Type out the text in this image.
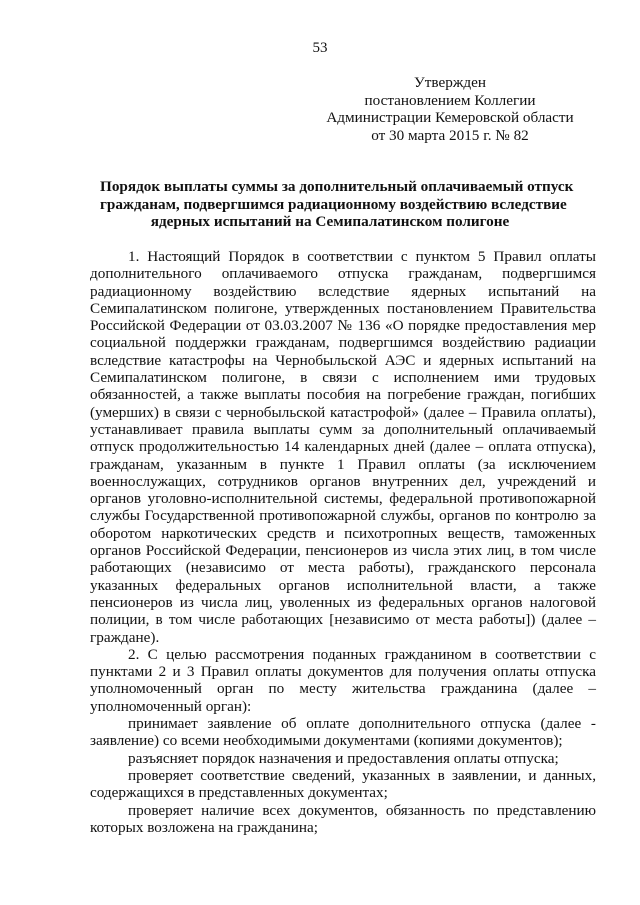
53
Утвержден
постановлением Коллегии
Администрации Кемеровской области
от 30 марта 2015 г. № 82
Порядок выплаты суммы за дополнительный оплачиваемый отпуск
гражданам, подвергшимся радиационному воздействию вследствие
ядерных испытаний на Семипалатинском полигоне
1. Настоящий Порядок в соответствии с пунктом 5 Правил оплаты
дополнительного оплачиваемого отпуска гражданам, подвергшимся
радиационному воздействию вследствие ядерных испытаний на
Семипалатинском полигоне, утвержденных постановлением Правительства
Российской Федерации от 03.03.2007 № 136 «О порядке предоставления мер
социальной поддержки гражданам, подвергшимся воздействию радиации
вследствие катастрофы на Чернобыльской АЭС и ядерных испытаний на
Семипалатинском полигоне, в связи с исполнением ими трудовых
обязанностей, а также выплаты пособия на погребение граждан, погибших
(умерших) в связи с чернобыльской катастрофой» (далее – Правила оплаты),
устанавливает правила выплаты сумм за дополнительный оплачиваемый
отпуск продолжительностью 14 календарных дней (далее – оплата отпуска),
гражданам, указанным в пункте 1 Правил оплаты (за исключением
военнослужащих, сотрудников органов внутренних дел, учреждений и
органов уголовно-исполнительной системы, федеральной противопожарной
службы Государственной противопожарной службы, органов по контролю за
оборотом наркотических средств и психотропных веществ, таможенных
органов Российской Федерации, пенсионеров из числа этих лиц, в том числе
работающих (независимо от места работы), гражданского персонала
указанных федеральных органов исполнительной власти, а также
пенсионеров из числа лиц, уволенных из федеральных органов налоговой
полиции, в том числе работающих [независимо от места работы]) (далее –
граждане).
2. С целью рассмотрения поданных гражданином в соответствии с
пунктами 2 и 3 Правил оплаты документов для получения оплаты отпуска
уполномоченный орган по месту жительства гражданина (далее –
уполномоченный орган):
принимает заявление об оплате дополнительного отпуска (далее -
заявление) со всеми необходимыми документами (копиями документов);
разъясняет порядок назначения и предоставления оплаты отпуска;
проверяет соответствие сведений, указанных в заявлении, и данных,
содержащихся в представленных документах;
проверяет наличие всех документов, обязанность по представлению
которых возложена на гражданина;
